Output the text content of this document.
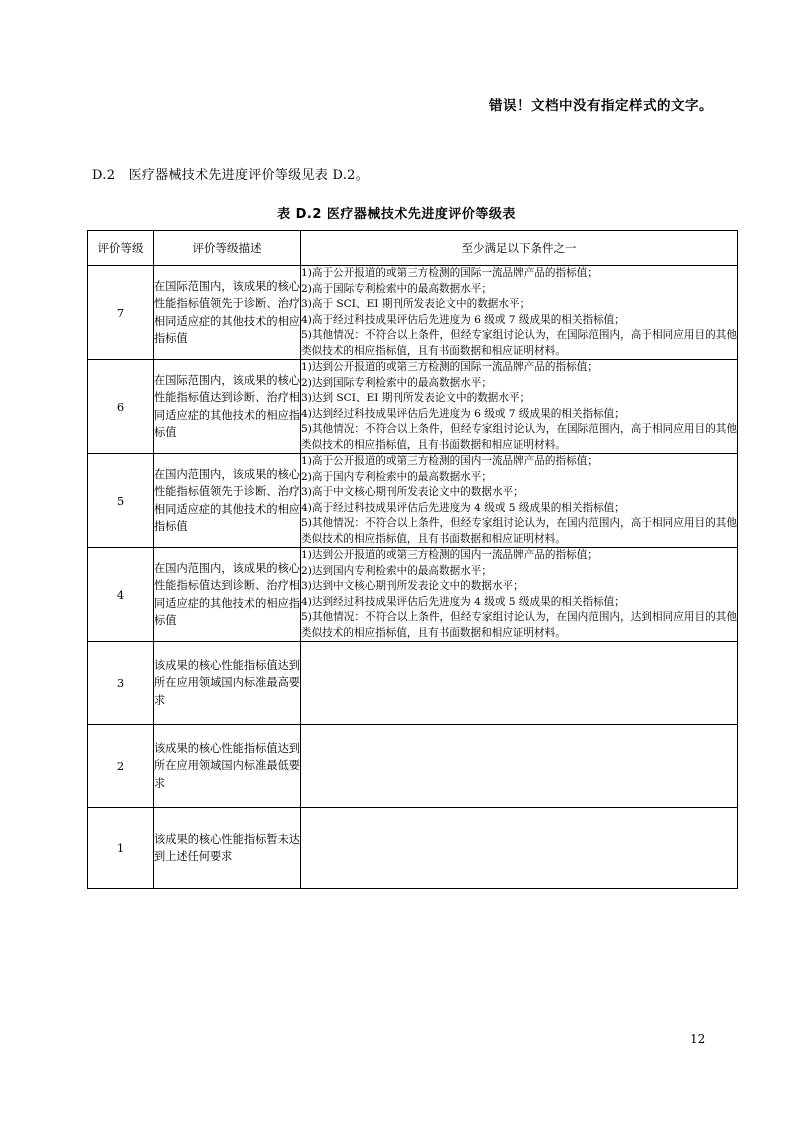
错误！文档中没有指定样式的文字。
D.2　医疗器械技术先进度评价等级见表 D.2。
表 D.2 医疗器械技术先进度评价等级表
评价等级	评价等级描述	至少满足以下条件之一
7	在国际范围内，该成果的核心性能指标值领先于诊断、治疗相同适应症的其他技术的相应指标值	1)高于公开报道的或第三方检测的国际一流品牌产品的指标值；
2)高于国际专利检索中的最高数据水平；
3)高于 SCI、EI 期刊所发表论文中的数据水平；
4)高于经过科技成果评估后先进度为 6 级或 7 级成果的相关指标值；
5)其他情况：不符合以上条件，但经专家组讨论认为，在国际范围内，高于相同应用目的其他类似技术的相应指标值，且有书面数据和相应证明材料。

6	在国际范围内，该成果的核心性能指标值达到诊断、治疗相同适应症的其他技术的相应指标值	1)达到公开报道的或第三方检测的国际一流品牌产品的指标值；
2)达到国际专利检索中的最高数据水平；
3)达到 SCI、EI 期刊所发表论文中的数据水平；
4)达到经过科技成果评估后先进度为 6 级或 7 级成果的相关指标值；
5)其他情况：不符合以上条件，但经专家组讨论认为，在国际范围内，高于相同应用目的其他类似技术的相应指标值，且有书面数据和相应证明材料。

5	在国内范围内，该成果的核心性能指标值领先于诊断、治疗相同适应症的其他技术的相应指标值	1)高于公开报道的或第三方检测的国内一流品牌产品的指标值；
2)高于国内专利检索中的最高数据水平；
3)高于中文核心期刊所发表论文中的数据水平；
4)高于经过科技成果评估后先进度为 4 级或 5 级成果的相关指标值；
5)其他情况：不符合以上条件，但经专家组讨论认为，在国内范围内，高于相同应用目的其他类似技术的相应指标值，且有书面数据和相应证明材料。

4	在国内范围内，该成果的核心性能指标值达到诊断、治疗相同适应症的其他技术的相应指标值	1)达到公开报道的或第三方检测的国内一流品牌产品的指标值；
2)达到国内专利检索中的最高数据水平；
3)达到中文核心期刊所发表论文中的数据水平；
4)达到经过科技成果评估后先进度为 4 级或 5 级成果的相关指标值；
5)其他情况：不符合以上条件，但经专家组讨论认为，在国内范围内，达到相同应用目的其他类似技术的相应指标值，且有书面数据和相应证明材料。

3	该成果的核心性能指标值达到所在应用领域国内标准最高要求	

2	该成果的核心性能指标值达到所在应用领域国内标准最低要求	

1	该成果的核心性能指标暂未达到上述任何要求	

12
